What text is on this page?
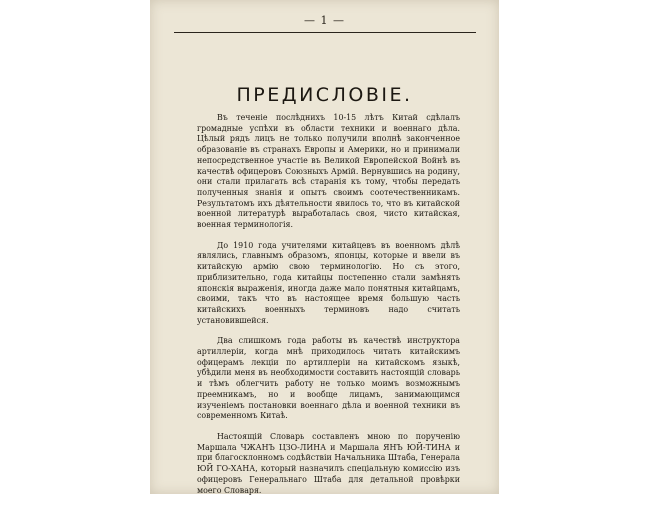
— 1 —
ПРЕДИСЛОВІЕ.

Въ теченіе послѣднихъ 10-15 лѣтъ Китай сдѣлалъ громадные успѣхи въ области техники и военнаго дѣла. Цѣлый рядъ лицъ не только получили вполнѣ законченное образованіе въ странахъ Европы и Америки, но и принимали непосредственное участіе въ Великой Европейской Войнѣ въ качествѣ офицеровъ Союзныхъ Армій. Вернувшись на родину, они стали прилагать всѣ старанія къ тому, чтобы передать полученныя знанія и опытъ своимъ соотечественникамъ. Результатомъ ихъ дѣятельности явилось то, что въ китайской военной литературѣ выработалась своя, чисто китайская, военная терминологія.

До 1910 года учителями китайцевъ въ военномъ дѣлѣ являлись, главнымъ образомъ, японцы, которые и ввели въ китайскую армію свою терминологію. Но съ этого, приблизительно, года китайцы постепенно стали замѣнять японскія выраженія, иногда даже мало понятныя китайцамъ, своими, такъ что въ настоящее время большую часть китайскихъ военныхъ терминовъ надо считать установившейся.

Два слишкомъ года работы въ качествѣ инструктора артиллеріи, когда мнѣ приходилось читать китайскимъ офицерамъ лекціи по артиллеріи на китайскомъ языкѣ, убѣдили меня въ необходимости составить настоящій словарь и тѣмъ облегчить работу не только моимъ возможнымъ преемникамъ, но и вообще лицамъ, занимающимся изученіемъ постановки военнаго дѣла и военной техники въ современномъ Китаѣ.

Настоящій Словарь составленъ мною по порученію Маршала ЧЖАНЪ ЦЗО-ЛИНА и Маршала ЯНЪ ЮЙ-ТИНА и при благосклонномъ содѣйствіи Начальника Штаба, Генерала ЮЙ ГО-ХАНА, который назначилъ спеціальную комиссію изъ офицеровъ Генеральнаго Штаба для детальной провѣрки моего Словаря.
